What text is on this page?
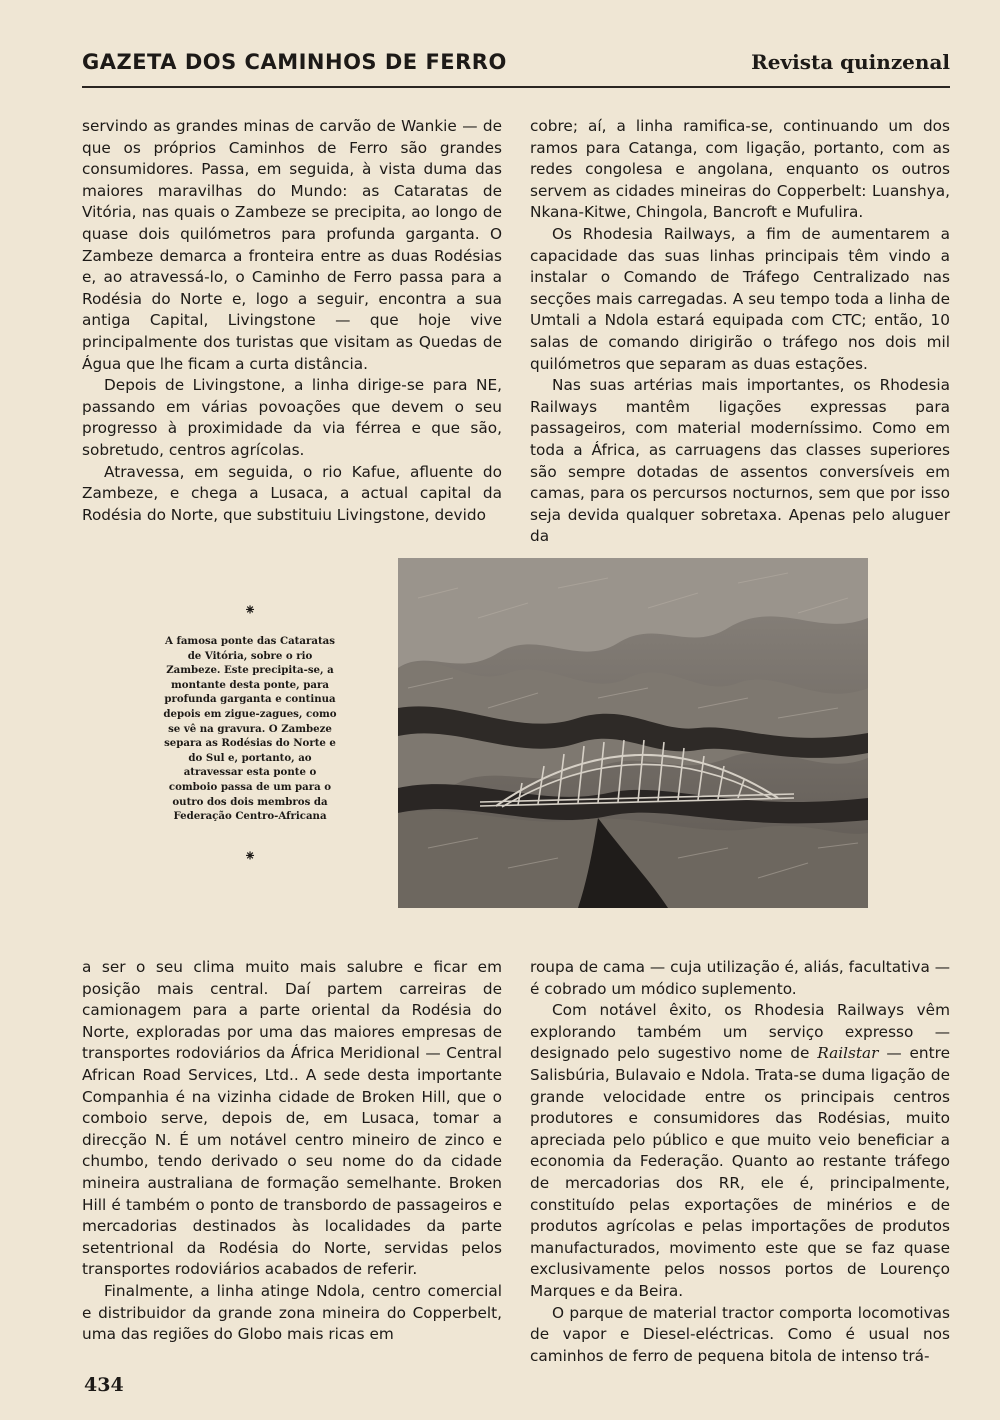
GAZETA DOS CAMINHOS DE FERRO	Revista quinzenal

servindo as grandes minas de carvão de Wankie — de que os próprios Caminhos de Ferro são grandes consumidores. Passa, em seguida, à vista duma das maiores maravilhas do Mundo: as Cataratas de Vitória, nas quais o Zambeze se precipita, ao longo de quase dois quilómetros para profunda garganta. O Zambeze demarca a fronteira entre as duas Rodésias e, ao atravessá-lo, o Caminho de Ferro passa para a Rodésia do Norte e, logo a seguir, encontra a sua antiga Capital, Livingstone — que hoje vive principalmente dos turistas que visitam as Quedas de Água que lhe ficam a curta distância.

Depois de Livingstone, a linha dirige-se para NE, passando em várias povoações que devem o seu progresso à proximidade da via férrea e que são, sobretudo, centros agrícolas.

Atravessa, em seguida, o rio Kafue, afluente do Zambeze, e chega a Lusaca, a actual capital da Rodésia do Norte, que substituiu Livingstone, devido

cobre; aí, a linha ramifica-se, continuando um dos ramos para Catanga, com ligação, portanto, com as redes congolesa e angolana, enquanto os outros servem as cidades mineiras do Copperbelt: Luanshya, Nkana-Kitwe, Chingola, Bancroft e Mufulira.

Os Rhodesia Railways, a fim de aumentarem a capacidade das suas linhas principais têm vindo a instalar o Comando de Tráfego Centralizado nas secções mais carregadas. A seu tempo toda a linha de Umtali a Ndola estará equipada com CTC; então, 10 salas de comando dirigirão o tráfego nos dois mil quilómetros que separam as duas estações.

Nas suas artérias mais importantes, os Rhodesia Railways mantêm ligações expressas para passageiros, com material moderníssimo. Como em toda a África, as carruagens das classes superiores são sempre dotadas de assentos conversíveis em camas, para os percursos nocturnos, sem que por isso seja devida qualquer sobretaxa. Apenas pelo aluguer da

⁕
A famosa ponte das Cataratas de Vitória, sobre o rio Zambeze. Este precipita-se, a montante desta ponte, para profunda garganta e continua depois em zigue-zagues, como se vê na gravura. O Zambeze separa as Rodésias do Norte e do Sul e, portanto, ao atravessar esta ponte o comboio passa de um para o outro dos dois membros da Federação Centro-Africana
⁕

a ser o seu clima muito mais salubre e ficar em posição mais central. Daí partem carreiras de camionagem para a parte oriental da Rodésia do Norte, exploradas por uma das maiores empresas de transportes rodoviários da África Meridional — Central African Road Services, Ltd.. A sede desta importante Companhia é na vizinha cidade de Broken Hill, que o comboio serve, depois de, em Lusaca, tomar a direcção N. É um notável centro mineiro de zinco e chumbo, tendo derivado o seu nome do da cidade mineira australiana de formação semelhante. Broken Hill é também o ponto de transbordo de passageiros e mercadorias destinados às localidades da parte setentrional da Rodésia do Norte, servidas pelos transportes rodoviários acabados de referir.

Finalmente, a linha atinge Ndola, centro comercial e distribuidor da grande zona mineira do Copperbelt, uma das regiões do Globo mais ricas em

roupa de cama — cuja utilização é, aliás, facultativa — é cobrado um módico suplemento.

Com notável êxito, os Rhodesia Railways vêm explorando também um serviço expresso — designado pelo sugestivo nome de Railstar — entre Salisbúria, Bulavaio e Ndola. Trata-se duma ligação de grande velocidade entre os principais centros produtores e consumidores das Rodésias, muito apreciada pelo público e que muito veio beneficiar a economia da Federação. Quanto ao restante tráfego de mercadorias dos RR, ele é, principalmente, constituído pelas exportações de minérios e de produtos agrícolas e pelas importações de produtos manufacturados, movimento este que se faz quase exclusivamente pelos nossos portos de Lourenço Marques e da Beira.

O parque de material tractor comporta locomotivas de vapor e Diesel-eléctricas. Como é usual nos caminhos de ferro de pequena bitola de intenso trá-

434
